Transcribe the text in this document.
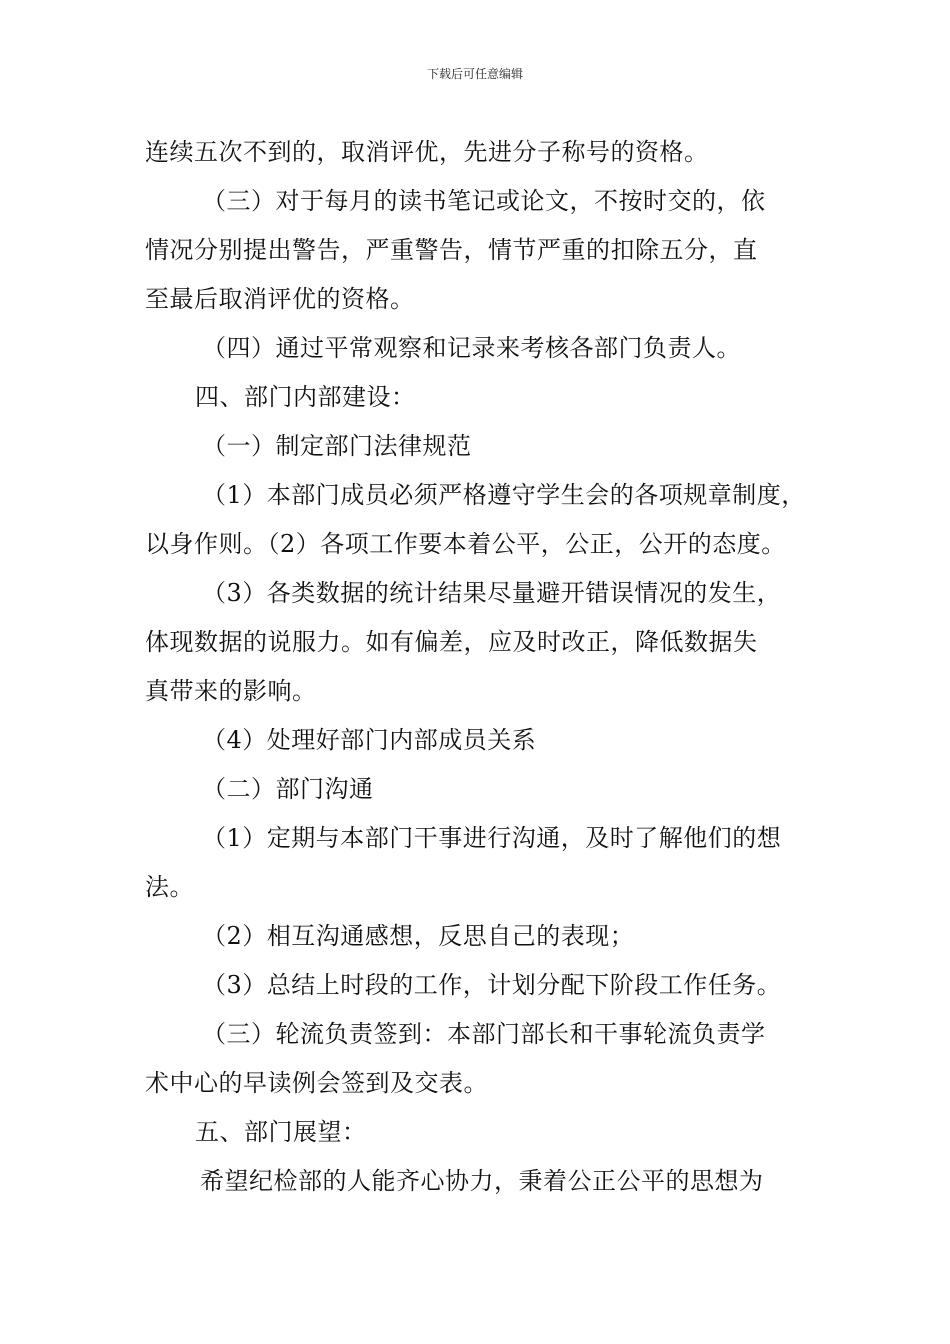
下载后可任意编辑
连续五次不到的，取消评优，先进分子称号的资格。
（三）对于每月的读书笔记或论文，不按时交的，依
情况分别提出警告，严重警告，情节严重的扣除五分，直
至最后取消评优的资格。
（四）通过平常观察和记录来考核各部门负责人。
四、部门内部建设：
（一）制定部门法律规范
（1）本部门成员必须严格遵守学生会的各项规章制度，
以身作则。（2）各项工作要本着公平，公正，公开的态度。
（3）各类数据的统计结果尽量避开错误情况的发生，
体现数据的说服力。如有偏差，应及时改正，降低数据失
真带来的影响。
（4）处理好部门内部成员关系
（二）部门沟通
（1）定期与本部门干事进行沟通，及时了解他们的想
法。
（2）相互沟通感想，反思自己的表现；
（3）总结上时段的工作，计划分配下阶段工作任务。
（三）轮流负责签到：本部门部长和干事轮流负责学
术中心的早读例会签到及交表。
五、部门展望：
希望纪检部的人能齐心协力，秉着公正公平的思想为
